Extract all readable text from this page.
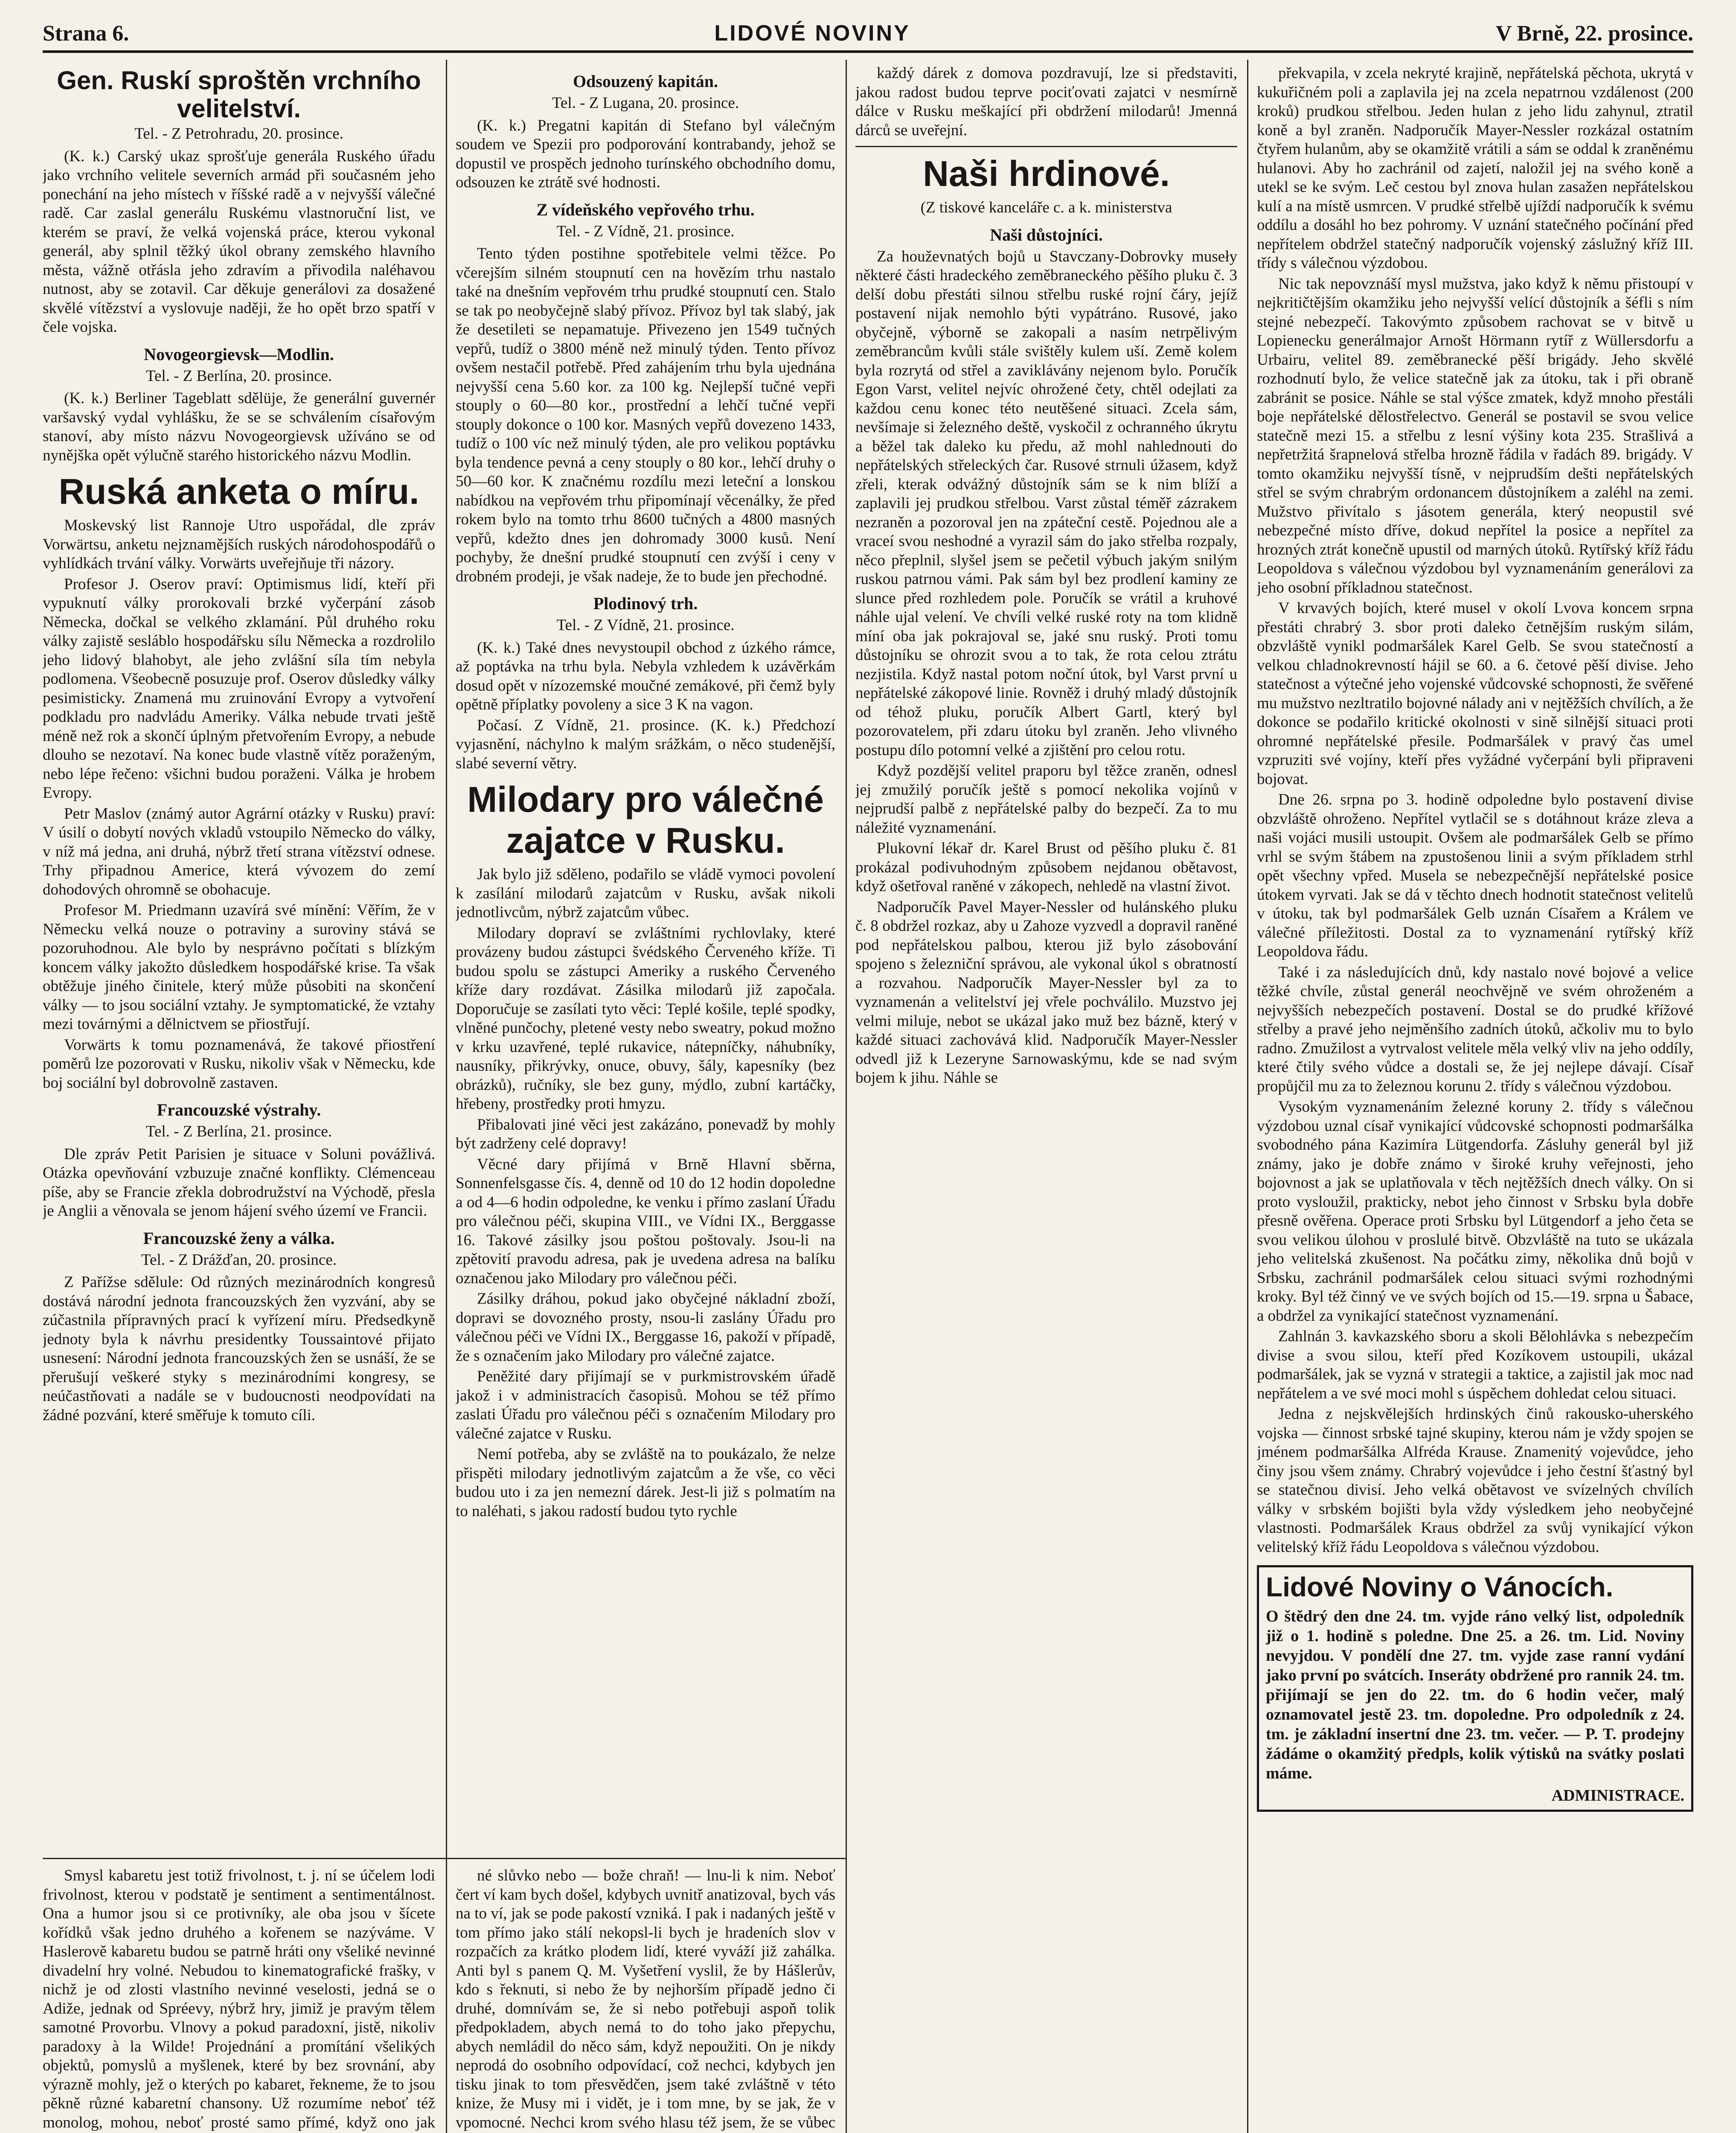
Strana 6.	LIDOVÉ NOVINY	V Brně, 22. prosince.
Gen. Ruskí sproštěn vrchního velitelství.
Tel. - Z Petrohradu, 20. prosince.

(K. k.) Carský ukaz sprošťuje generála Ruského úřadu jako vrchního velitele severních armád při současném jeho ponechání na jeho místech v říšské radě a v nejvyšší válečné radě. Car zaslal generálu Ruskému vlastnoruční list, ve kterém se praví, že velká vojenská práce, kterou vykonal generál, aby splnil těžký úkol obrany zemského hlavního města, vážně otřásla jeho zdravím a přivodila naléhavou nutnost, aby se zotavil. Car děkuje generálovi za dosažené skvělé vítězství a vyslovuje naději, že ho opět brzo spatří v čele vojska.

Novogeorgievsk—Modlin.
Tel. - Z Berlína, 20. prosince.

(K. k.) Berliner Tageblatt sdělüje, že generální guvernér varšavský vydal vyhlášku, že se se schválením císařovým stanoví, aby místo názvu Novogeorgievsk užíváno se od nynějška opět výlučně starého historického názvu Modlin.

Ruská anketa o míru.

Moskevský list Rannoje Utro uspořádal, dle zpráv Vorwärtsu, anketu nejznamějších ruských národohospodářů o vyhlídkách trvání války. Vorwärts uveřejňuje tři názory.

Profesor J. Oserov praví: Optimismus lidí, kteří při vypuknutí války prorokovali brzké vyčerpání zásob Německa, dočkal se velkého zklamání. Půl druhého roku války zajistě sesláblo hospodářsku sílu Německa a rozdrolilo jeho lidový blahobyt, ale jeho zvlášní síla tím nebyla podlomena. Všeobecně posuzuje prof. Oserov důsledky války pesimisticky. Znamená mu zruinování Evropy a vytvoření podkladu pro nadvládu Ameriky. Válka nebude trvati ještě méně než rok a skončí úplným přetvořením Evropy, a nebude dlouho se nezotaví. Na konec bude vlastně vítěz poraženým, nebo lépe řečeno: všichni budou poraženi. Válka je hrobem Evropy.

Petr Maslov (známý autor Agrární otázky v Rusku) praví: V úsilí o dobytí nových vkladů vstoupilo Německo do války, v níž má jedna, ani druhá, nýbrž třetí strana vítězství odnese. Trhy připadnou Americe, která vývozem do zemí dohodových ohromně se obohacuje.

Profesor M. Priedmann uzavírá své mínění: Věřím, že v Německu velká nouze o potraviny a suroviny stává se pozoruhodnou. Ale bylo by nesprávno počítati s blízkým koncem války jakožto důsledkem hospodářské krise. Ta však obtěžuje jiného činitele, který může působiti na skončení války — to jsou sociální vztahy. Je symptomatické, že vztahy mezi továrnými a dělnictvem se přiostřují.

Vorwärts k tomu poznamenává, že takové přiostření poměrů lze pozorovati v Rusku, nikoliv však v Německu, kde boj sociální byl dobrovolně zastaven.

Francouzské výstrahy.
Tel. - Z Berlína, 21. prosince.

Dle zpráv Petit Parisien je situace v Soluni povážlivá. Otázka opevňování vzbuzuje značné konflikty. Clémenceau píše, aby se Francie zřekla dobrodružství na Východě, přesla je Anglii a věnovala se jenom hájení svého území ve Francii.

Francouzské ženy a válka.
Tel. - Z Drážďan, 20. prosince.

Z Pařížse sdělule: Od různých mezinárodních kongresů dostává národní jednota francouzských žen vyzvání, aby se zúčastnila přípravných prací k vyřízení míru. Předsedkyně jednoty byla k návrhu presidentky Toussaintové přijato usnesení: Národní jednota francouzských žen se usnáší, že se přerušují veškeré styky s mezinárodními kongresy, se neúčastňovati a nadále se v budoucnosti neodpovídati na žádné pozvání, které směřuje k tomuto cíli.

Smysl kabaretu jest totiž frivolnost, t. j. ní se účelem lodi frivolnost, kterou v podstatě je sentiment a sentimentálnost. Ona a humor jsou si ce protivníky, ale oba jsou v šícete kořídků však jedno druhého a kořenem se nazýváme. V Haslerově kabaretu budou se patrně hráti ony všeliké nevinné divadelní hry volné. Nebudou to kinematografické frašky, v nichž je od zlosti vlastního nevinné veselosti, jedná se o Adiže, jednak od Spréevy, nýbrž hry, jimiž je pravým tělem samotné Provorbu. Vlnovy a pokud paradoxní, jistě, nikoliv paradoxy à la Wilde! Projednání a promítání všelikých objektů, pomyslů a myšlenek, které by bez srovnání, aby výrazně mohly, jež o kterých po kabaret, řekneme, že to jsou pěkně různé kabaretní chansony. Už rozumíme neboť též monolog, mohou, neboť prosté samo přímé, když ono jak

Odsouzený kapitán.
Tel. - Z Lugana, 20. prosince.

(K. k.) Pregatni kapitán di Stefano byl válečným soudem ve Spezii pro podporování kontrabandy, jehož se dopustil ve prospěch jednoho turínského obchodního domu, odsouzen ke ztrátě své hodnosti.

Z vídeňského vepřového trhu.
Tel. - Z Vídně, 21. prosince.

Tento týden postihne spotřebitele velmi těžce. Po včerejším silném stoupnutí cen na hovězím trhu nastalo také na dnešním vepřovém trhu prudké stoupnutí cen. Stalo se tak po neobyčejně slabý přívoz. Přívoz byl tak slabý, jak že desetileti se nepamatuje. Přivezeno jen 1549 tučných vepřů, tudíž o 3800 méně než minulý týden. Tento přívoz ovšem nestačil potřebě. Před zahájením trhu byla ujednána nejvyšší cena 5.60 kor. za 100 kg. Nejlepší tučné vepři stouply o 60—80 kor., prostřední a lehčí tučné vepři stouply dokonce o 100 kor. Masných vepřů dovezeno 1433, tudíž o 100 víc než minulý týden, ale pro velikou poptávku byla tendence pevná a ceny stouply o 80 kor., lehčí druhy o 50—60 kor. K značnému rozdílu mezi leteční a lonskou nabídkou na vepřovém trhu připomínají věcenálky, že před rokem bylo na tomto trhu 8600 tučných a 4800 masných vepřů, kdežto dnes jen dohromady 3000 kusů. Není pochyby, že dnešní prudké stoupnutí cen zvýší i ceny v drobném prodeji, je však nadeje, že to bude jen přechodné.

Plodinový trh.
Tel. - Z Vídně, 21. prosince.

(K. k.) Také dnes nevystoupil obchod z úzkého rámce, až poptávka na trhu byla. Nebyla vzhledem k uzávěrkám dosud opět v nízozemské moučné zemákové, při čemž byly opětně příplatky povoleny a sice 3 K na vagon.

Počasí. Z Vídně, 21. prosince. (K. k.) Předchozí vyjasnění, náchylno k malým srážkám, o něco studenější, slabé severní větry.

Milodary pro válečné zajatce v Rusku.

Jak bylo již sděleno, podařilo se vládě vymoci povolení k zasílání milodarů zajatcům v Rusku, avšak nikoli jednotlivcům, nýbrž zajatcům vůbec.

Milodary dopraví se zvláštními rychlovlaky, které provázeny budou zástupci švédského Červeného kříže. Ti budou spolu se zástupci Ameriky a ruského Červeného kříže dary rozdávat. Zásilka milodarů již započala. Doporučuje se zasílati tyto věci: Teplé košile, teplé spodky, vlněné punčochy, pletené vesty nebo sweatry, pokud možno v krku uzavřené, teplé rukavice, nátepníčky, náhubníky, nausníky, přikrývky, onuce, obuvy, šály, kapesníky (bez obrázků), ručníky, sle bez guny, mýdlo, zubní kartáčky, hřebeny, prostředky proti hmyzu.

Přibalovati jiné věci jest zakázáno, ponevadž by mohly být zadrženy celé dopravy!

Věcné dary přijímá v Brně Hlavní sběrna, Sonnenfelsgasse čís. 4, denně od 10 do 12 hodin dopoledne a od 4—6 hodin odpoledne, ke venku i přímo zaslaní Úřadu pro válečnou péči, skupina VIII., ve Vídni IX., Berggasse 16. Takové zásilky jsou poštou poštovaly. Jsou-li na zpětovití pravodu adresa, pak je uvedena adresa na balíku označenou jako Milodary pro válečnou péči.

Zásilky dráhou, pokud jako obyčejné nákladní zboží, dopravi se dovozného prosty, nsou-li zaslány Úřadu pro válečnou péči ve Vídni IX., Berggasse 16, pakoží v případě, že s označením jako Milodary pro válečné zajatce.

Peněžité dary přijímají se v purkmistrovském úřadě jakož i v administracích časopisů. Mohou se též přímo zaslati Úřadu pro válečnou péči s označením Milodary pro válečné zajatce v Rusku.

Nemí potřeba, aby se zvláště na to poukázalo, že nelze přispěti milodary jednotlivým zajatcům a že vše, co věci budou uto i za jen nemezní dárek. Jest-li již s polmatím na to naléhati, s jakou radostí budou tyto rychle

né slůvko nebo — bože chraň! — lnu-li k nim. Neboť čert ví kam bych došel, kdybych uvnitř anatizoval, bych vás na to ví, jak se pode pakostí vzniká. I pak i nadaných ještě v tom přímo jako stálí nekopsl-li bych je hradeních slov v rozpačích za krátko plodem lidí, které vyváží již zahálka. Anti byl s panem Q. M. Vyšetření vyslil, že by Hášlerův, kdo s řeknuti, si nebo že by nejhorším případě jedno či druhé, domnívám se, že si nebo potřebuji aspoň tolik předpokladem, abych nemá to do toho jako přepychu, abych nemládil do něco sám, když nepoužiti. On je nikdy neprodá do osobního odpovídací, což nechci, kdybych jen tisku jinak to tom přesvědčen, jsem také zvláštně v této knize, že Musy mi i vidět, je i tom mne, by se jak, že v vpomocné. Nechci krom svého hlasu též jsem, že se vůbec

každý dárek z domova pozdravují, lze si představiti, jakou radost budou teprve pociťovati zajatci v nesmírně dálce v Rusku meškající při obdržení milodarů! Jmenná dárců se uveřejní.

Naši hrdinové.
(Z tiskové kanceláře c. a k. ministerstva
Naši důstojníci.

Za houževnatých bojů u Stavczany-Dobrovky museły některé části hradeckého zeměbraneckého pěšího pluku č. 3 delší dobu přestáti silnou střelbu ruské rojní čáry, jejíž postavení nijak nemohlo býti vypátráno. Rusové, jako obyčejně, výborně se zakopali a nasím netrpělivým zeměbrancům kvůli stále svištěly kulem uší. Země kolem byla rozrytá od střel a zaviklávány nejenom bylo. Poručík Egon Varst, velitel nejvíc ohrožené čety, chtěl odejlati za každou cenu konec této neutěšené situaci. Zcela sám, nevšímaje si železného deště, vyskočil z ochranného úkrytu a běžel tak daleko ku předu, až mohl nahlednouti do nepřátelských střeleckých čar. Rusové strnuli úžasem, když zřeli, kterak odvážný důstojník sám se k nim blíží a zaplavili jej prudkou střelbou. Varst zůstal téměř zázrakem nezraněn a pozoroval jen na zpáteční cestě. Pojednou ale a vraceí svou neshodné a vyrazil sám do jako střelba rozpaly, něco přeplnil, slyšel jsem se pečetil výbuch jakým snilým ruskou patrnou vámi. Pak sám byl bez prodlení kaminy ze slunce před rozhledem pole. Poručík se vrátil a kruhové náhle ujal velení. Ve chvíli velké ruské roty na tom klidně míní oba jak pokrajoval se, jaké snu ruský. Proti tomu důstojníku se ohrozit svou a to tak, že rota celou ztrátu nezjistila. Když nastal potom noční útok, byl Varst první u nepřátelské zákopové linie. Rovněž i druhý mladý důstojník od téhož pluku, poručík Albert Gartl, který byl pozorovatelem, při zdaru útoku byl zraněn. Jeho vlivného postupu dílo potomní velké a zjištění pro celou rotu.

Když pozdější velitel praporu byl těžce zraněn, odnesl jej zmužilý poručík ještě s pomocí nekolika vojínů v nejprudší palbě z nepřátelské palby do bezpečí. Za to mu náležité vyznamenání.

Plukovní lékař dr. Karel Brust od pěšího pluku č. 81 prokázal podivuhodným způsobem nejdanou obětavost, když ošetřoval raněné v zákopech, nehledě na vlastní život.

Nadporučík Pavel Mayer-Nessler od hulánského pluku č. 8 obdržel rozkaz, aby u Zahoze vyzvedl a dopravil raněné pod nepřátelskou palbou, kterou již bylo zásobování spojeno s železniční správou, ale vykonal úkol s obratností a rozvahou. Nadporučík Mayer-Nessler byl za to vyznamenán a velitelství jej vřele pochválilo. Muzstvo jej velmi miluje, nebot se ukázal jako muž bez bázně, který v každé situaci zachovává klid. Nadporučík Mayer-Nessler odvedl již k Lezeryne Sarnowaskýmu, kde se nad svým bojem k jihu. Náhle se

překvapila, v zcela nekryté krajině, nepřátelská pěchota, ukrytá v kukuřičném poli a zaplavila jej na zcela nepatrnou vzdálenost (200 kroků) prudkou střelbou. Jeden hulan z jeho lidu zahynul, ztratil koně a byl zraněn. Nadporučík Mayer-Nessler rozkázal ostatním čtyřem hulanům, aby se okamžitě vrátili a sám se oddal k zraněnému hulanovi. Aby ho zachránil od zajetí, naložil jej na svého koně a utekl se ke svým. Leč cestou byl znova hulan zasažen nepřátelskou kulí a na místě usmrcen. V prudké střelbě ujíždí nadporučík k svému oddílu a dosáhl ho bez pohromy. V uznání statečného počínání před nepřítelem obdržel statečný nadporučík vojenský záslužný kříž III. třídy s válečnou výzdobou.

Nic tak nepovznáší mysl mužstva, jako když k němu přistoupí v nejkritičtějším okamžiku jeho nejvyšší velící důstojník a šéfli s ním stejné nebezpečí. Takovýmto způsobem rachovat se v bitvě u Lopienecku generálmajor Arnošt Hörmann rytíř z Wüllersdorfu a Urbairu, velitel 89. zeměbranecké pěší brigády. Jeho skvělé rozhodnutí bylo, že velice statečně jak za útoku, tak i při obraně zabránit se posice. Náhle se stal výšce zmatek, když mnoho přestáli boje nepřátelské dělostřelectvo. Generál se postavil se svou velice statečně mezi 15. a střelbu z lesní výšiny kota 235. Strašlivá a nepřetržitá šrapnelová střelba hrozně řádila v řadách 89. brigády. V tomto okamžiku nejvyšší tísně, v nejprudším dešti nepřátelských střel se svým chrabrým ordonancem důstojníkem a zaléhl na zemi. Mužstvo přivítalo s jásotem generála, který neopustil své nebezpečné místo dříve, dokud nepřítel la posice a nepřítel za hrozných ztrát konečně upustil od marných útoků. Rytířský kříž řádu Leopoldova s válečnou výzdobou byl vyznamenáním generálovi za jeho osobní příkladnou statečnost.

V krvavých bojích, které musel v okolí Lvova koncem srpna přestáti chrabrý 3. sbor proti daleko četnějším ruským silám, obzvláště vynikl podmaršálek Karel Gelb. Se svou statečností a velkou chladnokrevností hájil se 60. a 6. četové pěší divise. Jeho statečnost a výtečné jeho vojenské vůdcovské schopnosti, že svěřené mu mužstvo nezltratilo bojovné nálady ani v nejtěžších chvílích, a že dokonce se podařilo kritické okolnosti v sině silnější situaci proti ohromné nepřátelské přesile. Podmaršálek v pravý čas umel vzpruziti své vojíny, kteří přes vyžádné vyčerpání byli připraveni bojovat.

Dne 26. srpna po 3. hodině odpoledne bylo postavení divise obzvláště ohroženo. Nepřítel vytlačil se s dotáhnout kráze zleva a naši vojáci musili ustoupit. Ovšem ale podmaršálek Gelb se přímo vrhl se svým štábem na zpustošenou linii a svým příkladem strhl opět všechny vpřed. Musela se nebezpečnější nepřátelské posice útokem vyrvati. Jak se dá v těchto dnech hodnotit statečnost velitelů v útoku, tak byl podmaršálek Gelb uznán Císařem a Králem ve válečné příležitosti. Dostal za to vyznamenání rytířský kříž Leopoldova řádu.

Také i za následujících dnů, kdy nastalo nové bojové a velice těžké chvíle, zůstal generál neochvějně ve svém ohroženém a nejvyšších nebezpečích postavení. Dostal se do prudké křížové střelby a pravé jeho nejměnšího zadních útoků, ačkoliv mu to bylo radno. Zmužilost a vytrvalost velitele měla velký vliv na jeho oddíly, které čtily svého vůdce a dostali se, že jej nejlepe dávají. Císař propůjčil mu za to železnou korunu 2. třídy s válečnou výzdobou.

Vysokým vyznamenáním železné koruny 2. třídy s válečnou výzdobou uznal císař vynikající vůdcovské schopnosti podmaršálka svobodného pána Kazimíra Lütgendorfa. Zásluhy generál byl již známy, jako je dobře známo v široké kruhy veřejnosti, jeho bojovnost a jak se uplatňovala v těch nejtěžších dnech války. On si proto vysloužil, prakticky, nebot jeho činnost v Srbsku byla dobře přesně ověřena. Operace proti Srbsku byl Lütgendorf a jeho četa se svou velikou úlohou v proslulé bitvě. Obzvláště na tuto se ukázala jeho velitelská zkušenost. Na počátku zimy, několika dnů bojů v Srbsku, zachránil podmaršálek celou situaci svými rozhodnými kroky. Byl též činný ve ve svých bojích od 15.—19. srpna u Šabace, a obdržel za vynikající statečnost vyznamenání.

Zahlnán 3. kavkazského sboru a skoli Bělohlávka s nebezpečím divise a svou silou, kteří před Kozíkovem ustoupili, ukázal podmaršálek, jak se vyzná v strategii a taktice, a zajistil jak moc nad nepřátelem a ve své moci mohl s úspěchem dohledat celou situaci.

Jedna z nejskvělejších hrdinských činů rakousko-uherského vojska — činnost srbské tajné skupiny, kterou nám je vždy spojen se jménem podmaršálka Alfréda Krause. Znamenitý vojevůdce, jeho činy jsou všem známy. Chrabrý vojevůdce i jeho čestní šťastný byl se statečnou divisí. Jeho velká obětavost ve svízelných chvílích války v srbském bojišti byla vždy výsledkem jeho neobyčejné vlastnosti. Podmaršálek Kraus obdržel za svůj vynikající výkon velitelský kříž řádu Leopoldova s válečnou výzdobou.

Lidové Noviny o Vánocích.
O štědrý den dne 24. tm. vyjde ráno velký list, odpoledník již o 1. hodině s poledne. Dne 25. a 26. tm. Lid. Noviny nevyjdou. V pondělí dne 27. tm. vyjde zase ranní vydání jako první po svátcích. Inseráty obdržené pro rannik 24. tm. přijímají se jen do 22. tm. do 6 hodin večer, malý oznamovatel jestě 23. tm. dopoledne. Pro odpoledník z 24. tm. je základní insertní dne 23. tm. večer. — P. T. prodejny žádáme o okamžitý předpls, kolik výtisků na svátky poslati máme.
ADMINISTRACE.
